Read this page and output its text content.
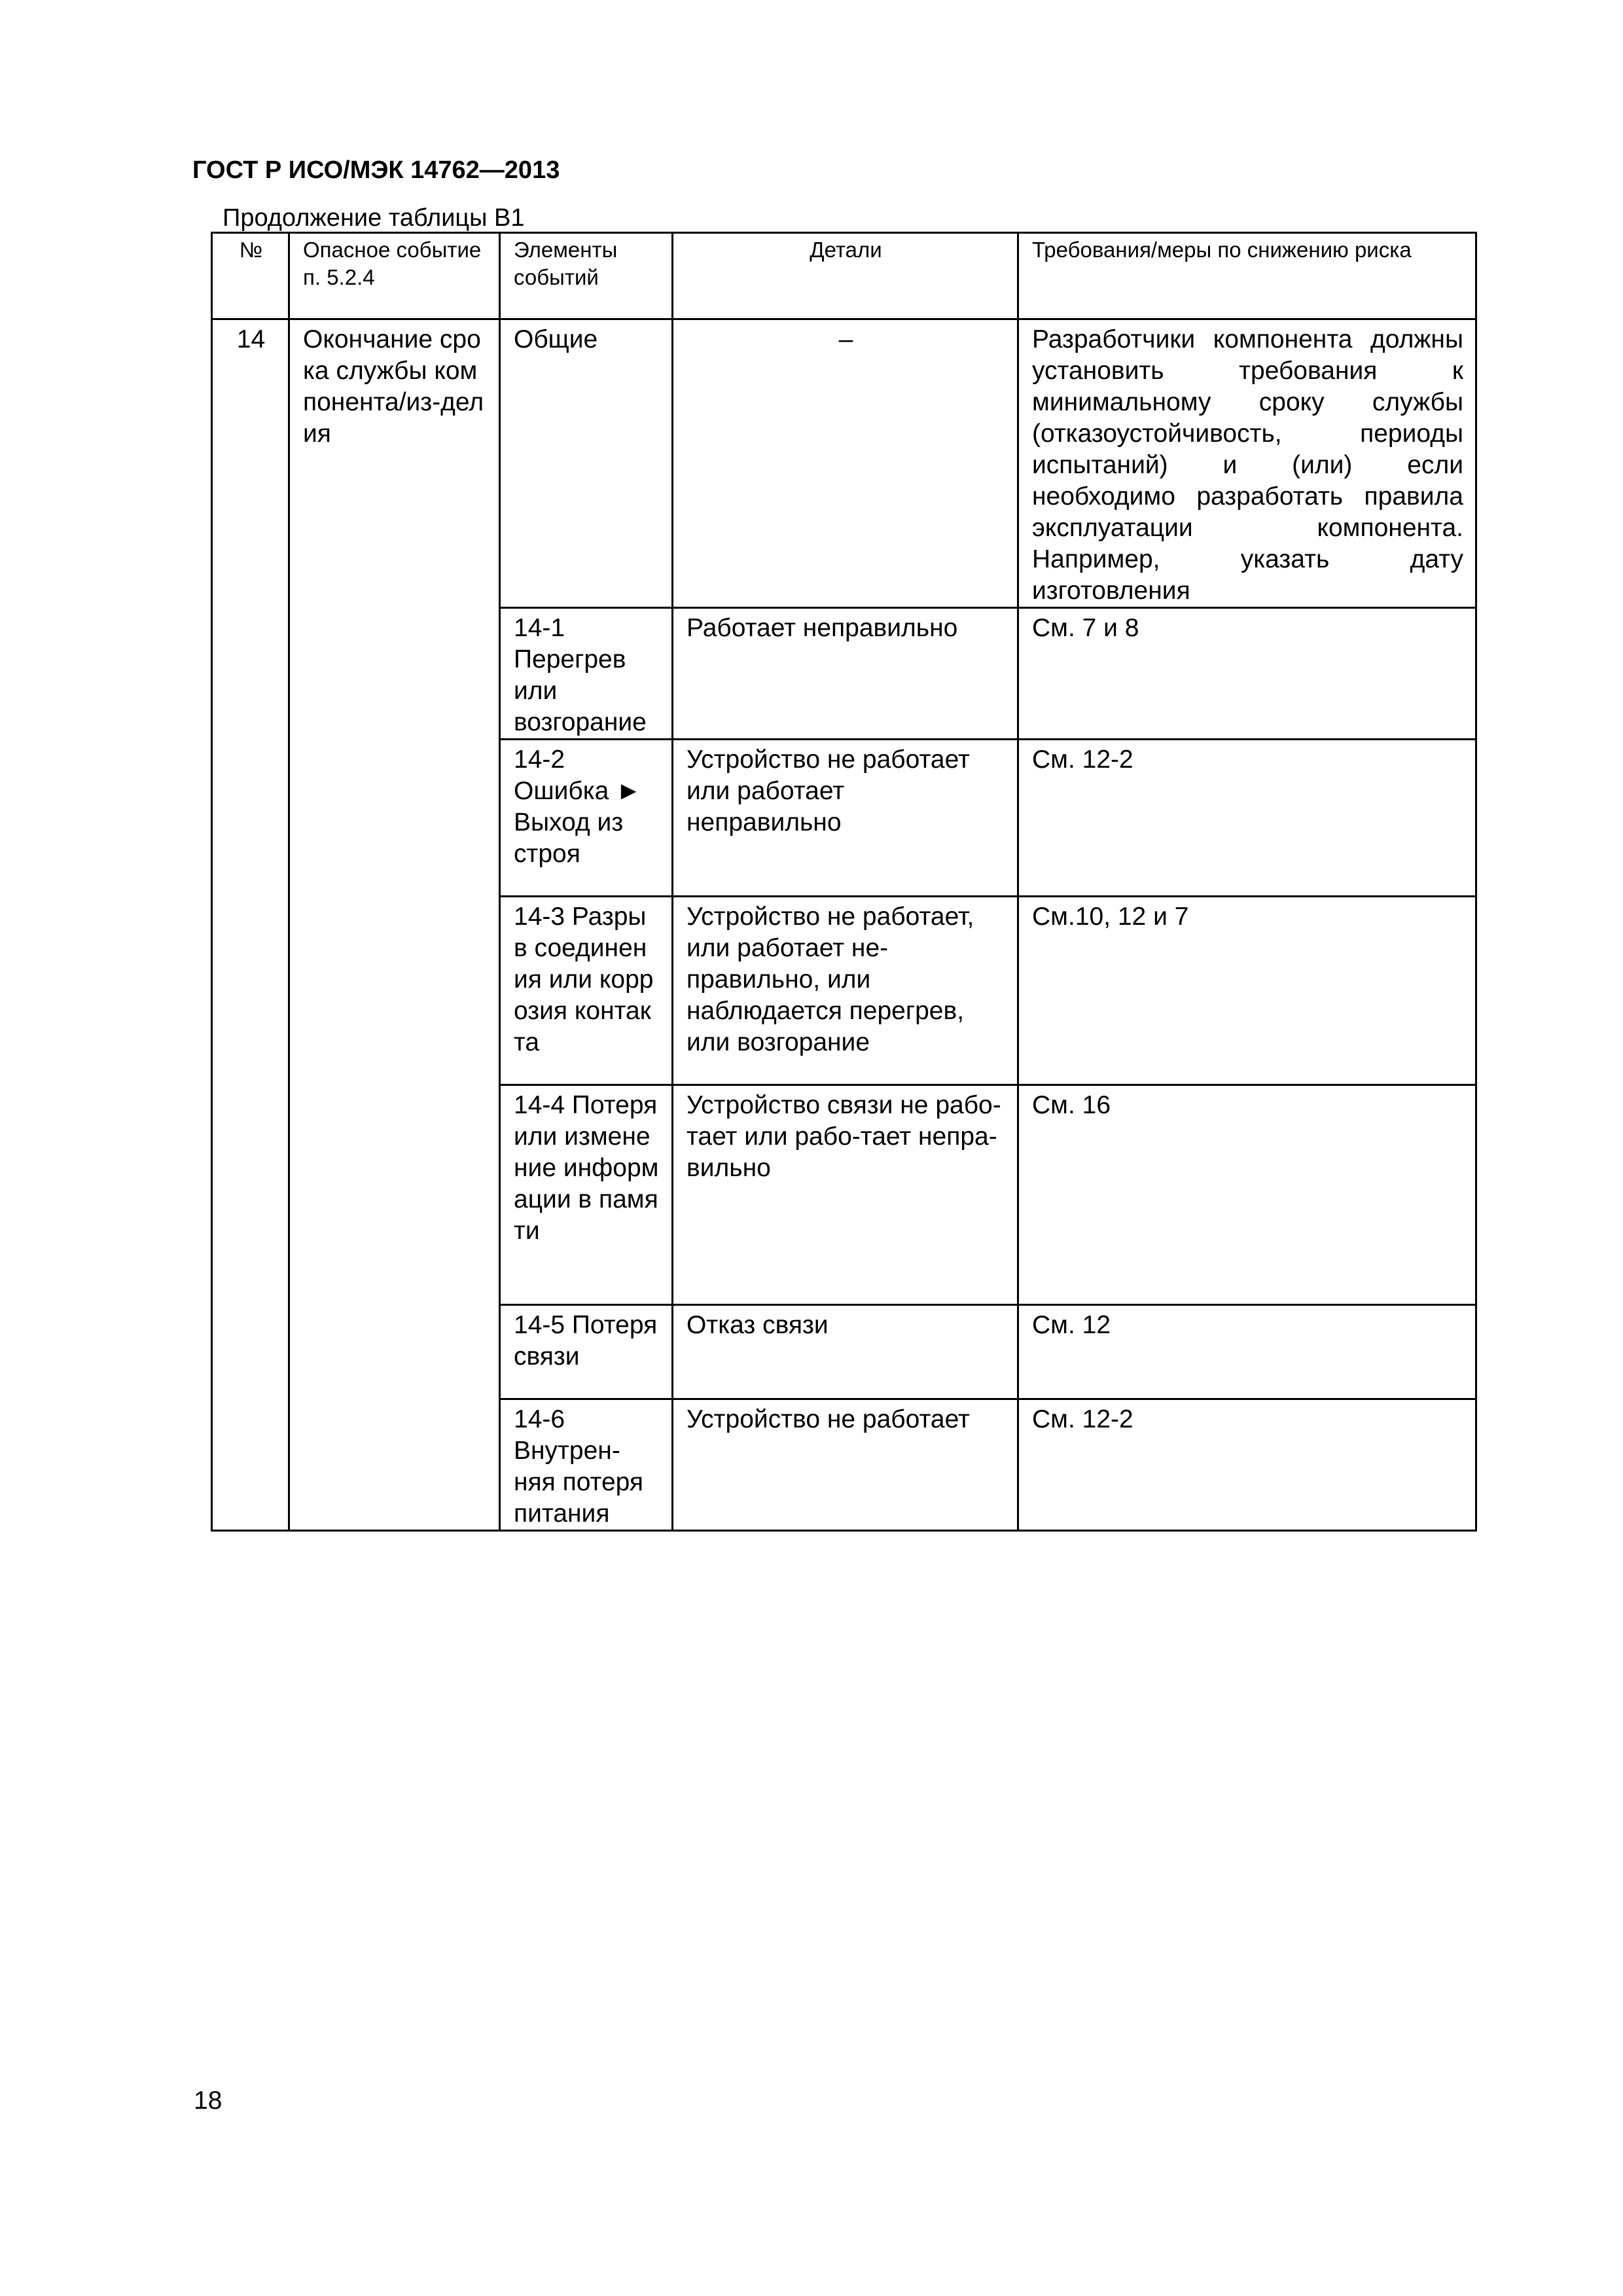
ГОСТ Р ИСО/МЭК 14762—2013
Продолжение таблицы В1
№	Опасное событие п. 5.2.4	Элементы событий	Детали	Требования/меры по снижению риска
14	Окончание срока службы компонента/из-делия	Общие	–	Разработчики компонента должны установить требования к минимальному сроку службы (отказоустойчивость, периоды испытаний) и (или) если необходимо разработать правила эксплуатации компонента. Например, указать дату изготовления
		14-1 Перегрев или возгорание	Работает неправильно	См. 7 и 8
		14-2 Ошибка ► Выход из строя	Устройство не работает или работает неправильно	См. 12-2
		14-3 Разрыв соединения или коррозия контакта	Устройство не работает, или работает не-правильно, или наблюдается перегрев, или возгорание	См.10, 12 и 7
		14-4 Потеря или изменение информации в памяти	Устройство связи не рабо-тает или рабо-тает непра-вильно	См. 16
		14-5 Потеря связи	Отказ связи	См. 12
		14-6 Внутрен-няя потеря питания	Устройство не работает	См. 12-2
18
